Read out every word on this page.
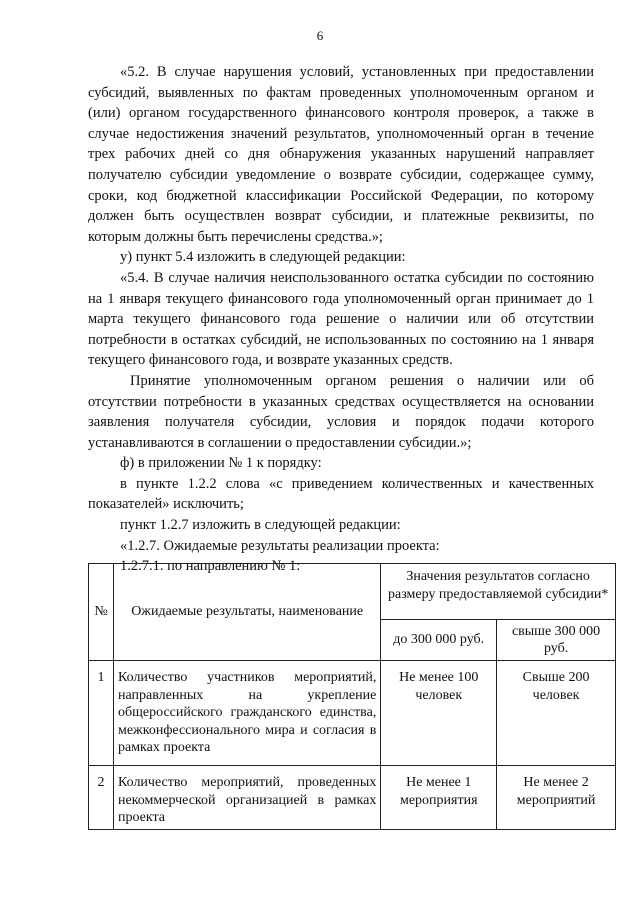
6

«5.2. В случае нарушения условий, установленных при предоставлении субсидий, выявленных по фактам проведенных уполномоченным органом и (или) органом государственного финансового контроля проверок, а также в случае недостижения значений результатов, уполномоченный орган в течение трех рабочих дней со дня обнаружения указанных нарушений направляет получателю субсидии уведомление о возврате субсидии, содержащее сумму, сроки, код бюджетной классификации Российской Федерации, по которому должен быть осуществлен возврат субсидии, и платежные реквизиты, по которым должны быть перечислены средства.»;

у) пункт 5.4 изложить в следующей редакции:

«5.4. В случае наличия неиспользованного остатка субсидии по состоянию на 1 января текущего финансового года уполномоченный орган принимает до 1 марта текущего финансового года решение о наличии или об отсутствии потребности в остатках субсидий, не использованных по состоянию на 1 января текущего финансового года, и возврате указанных средств.

Принятие уполномоченным органом решения о наличии или об отсутствии потребности в указанных средствах осуществляется на основании заявления получателя субсидии, условия и порядок подачи которого устанавливаются в соглашении о предоставлении субсидии.»;

ф) в приложении № 1 к порядку:

в пункте 1.2.2 слова «с приведением количественных и качественных показателей» исключить;

пункт 1.2.7 изложить в следующей редакции:

«1.2.7. Ожидаемые результаты реализации проекта:

1.2.7.1. по направлению № 1:

№	Ожидаемые результаты, наименование	Значения результатов согласно размеру предоставляемой субсидии*	
		до 300 000 руб.	свыше 300 000 руб.
1	Количество участников мероприятий, направленных на укрепление общероссийского гражданского единства, межконфессионального мира и согласия в рамках проекта	Не менее 100 человек	Свыше 200 человек
2	Количество мероприятий, проведенных некоммерческой организацией в рамках проекта	Не менее 1 мероприятия	Не менее 2 мероприятий
